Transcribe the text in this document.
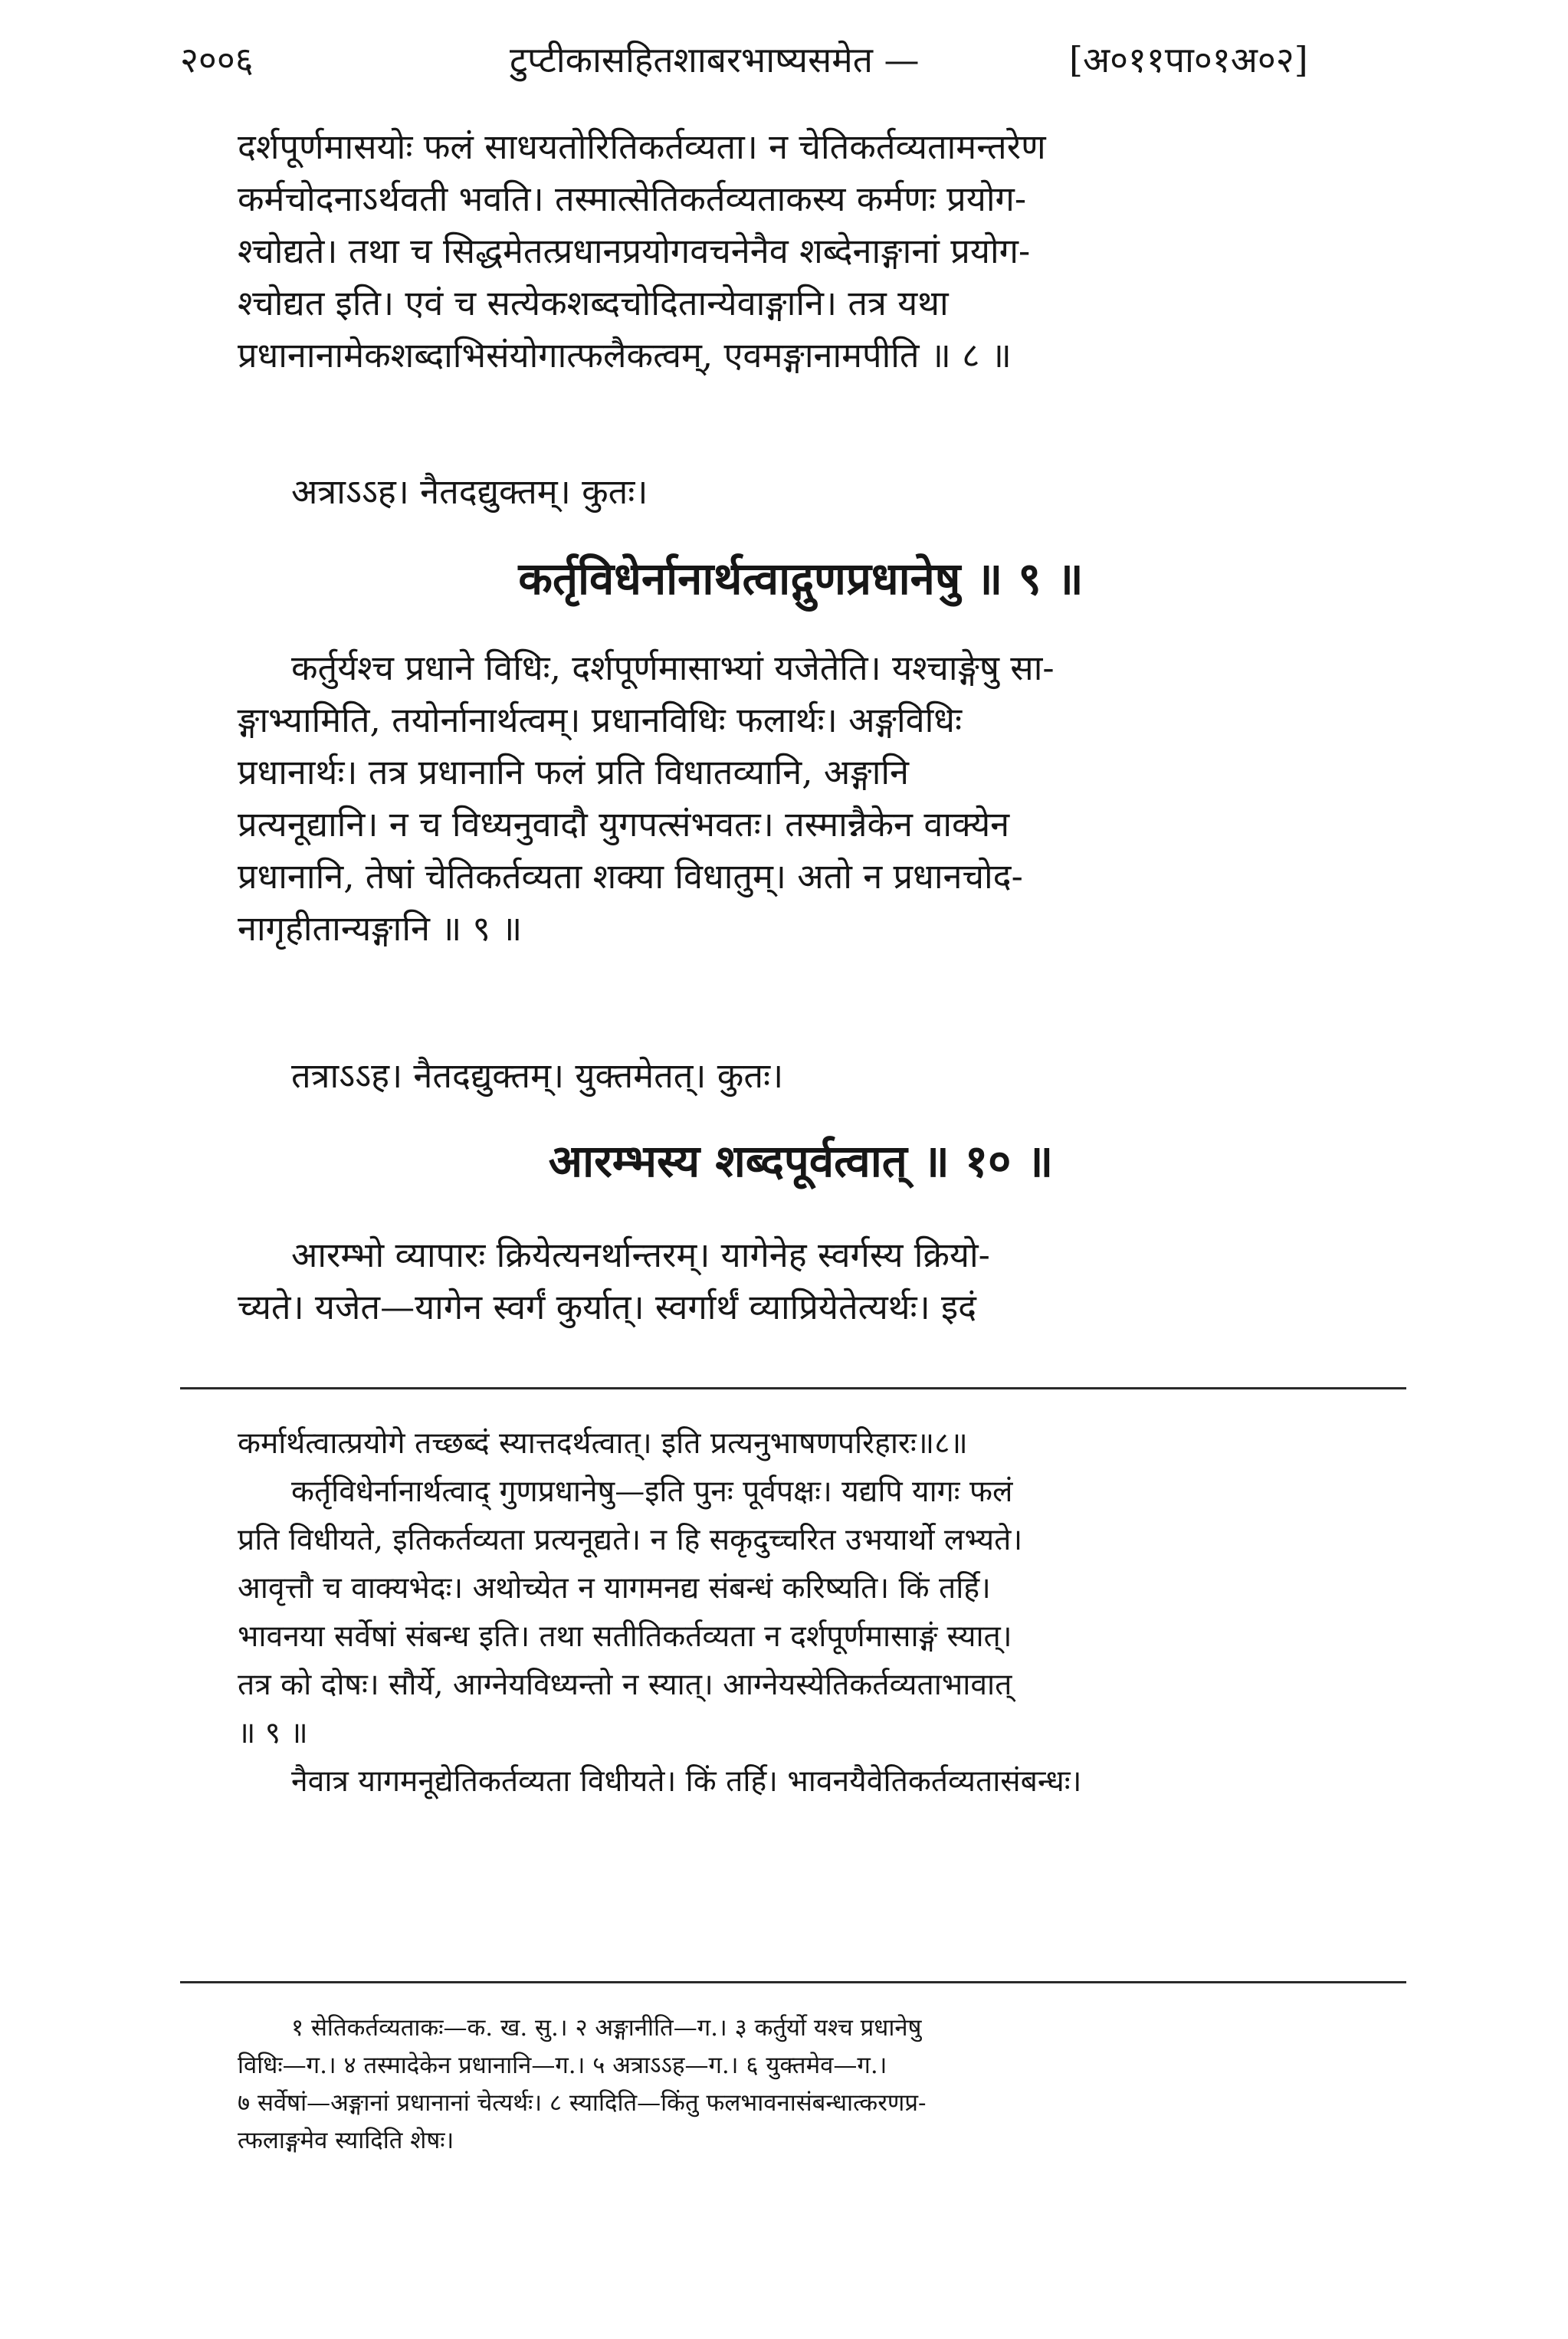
२००६	टुप्टीकासहितशाबरभाष्यसमेत —	[अ०११पा०१अ०२]
दर्शपूर्णमासयोः फलं साधयतोरितिकर्तव्यता। न चेतिकर्तव्यतामन्तरेण
कर्मचोदनाऽर्थवती भवति। तस्मात्सेतिकर्तव्यताकस्य कर्मणः प्रयोग-
श्चोद्यते। तथा च सिद्धमेतत्प्रधानप्रयोगवचनेनैव शब्देनाङ्गानां प्रयोग-
श्चोद्यत इति। एवं च सत्येकशब्दचोदितान्येवाङ्गानि। तत्र यथा
प्रधानानामेकशब्दाभिसंयोगात्फलैकत्वम्, एवमङ्गानामपीति ॥ ८ ॥
अत्राऽऽह। नैतदद्युक्तम्। कुतः।
कर्तृविधेर्नानार्थत्वाद्गुणप्रधानेषु ॥ ९ ॥
कर्तुर्यश्च प्रधाने विधिः, दर्शपूर्णमासाभ्यां यजेतेति। यश्चाङ्गेषु सा-
ङ्गाभ्यामिति, तयोर्नानार्थत्वम्। प्रधानविधिः फलार्थः। अङ्गविधिः
प्रधानार्थः। तत्र प्रधानानि फलं प्रति विधातव्यानि, अङ्गानि
प्रत्यनूद्यानि। न च विध्यनुवादौ युगपत्संभवतः। तस्मान्नैकेन वाक्येन
प्रधानानि, तेषां चेतिकर्तव्यता शक्या विधातुम्। अतो न प्रधानचोद-
नागृहीतान्यङ्गानि ॥ ९ ॥
तत्राऽऽह। नैतदद्युक्तम्। युक्तमेतत्। कुतः।
आरम्भस्य शब्दपूर्वत्वात् ॥ १० ॥
आरम्भो व्यापारः क्रियेत्यनर्थान्तरम्। यागेनेह स्वर्गस्य क्रियो-
च्यते। यजेत—यागेन स्वर्गं कुर्यात्। स्वर्गार्थं व्याप्रियेतेत्यर्थः। इदं
कर्मार्थत्वात्प्रयोगे तच्छब्दं स्यात्तदर्थत्वात्। इति प्रत्यनुभाषणपरिहारः॥८॥
कर्तृविधेर्नानार्थत्वाद् गुणप्रधानेषु—इति पुनः पूर्वपक्षः। यद्यपि यागः फलं
प्रति विधीयते, इतिकर्तव्यता प्रत्यनूद्यते। न हि सकृदुच्चरित उभयार्थो लभ्यते।
आवृत्तौ च वाक्यभेदः। अथोच्येत न यागमनद्य संबन्धं करिष्यति। किं तर्हि।
भावनया सर्वेषां संबन्ध इति। तथा सतीतिकर्तव्यता न दर्शपूर्णमासाङ्गं स्यात्।
तत्र को दोषः। सौर्ये, आग्नेयविध्यन्तो न स्यात्। आग्नेयस्येतिकर्तव्यताभावात्
॥ ९ ॥
नैवात्र यागमनूद्येतिकर्तव्यता विधीयते। किं तर्हि। भावनयैवेतिकर्तव्यतासंबन्धः।
१ सेतिकर्तव्यताकः—क. ख. सु.। २ अङ्गानीति—ग.। ३ कर्तुर्यो यश्च प्रधानेषु
विधिः—ग.। ४ तस्मादेकेन प्रधानानि—ग.। ५ अत्राऽऽह—ग.। ६ युक्तमेव—ग.।
७ सर्वेषां—अङ्गानां प्रधानानां चेत्यर्थः। ८ स्यादिति—किंतु फलभावनासंबन्धात्करणप्र-
त्फलाङ्गमेव स्यादिति शेषः।
